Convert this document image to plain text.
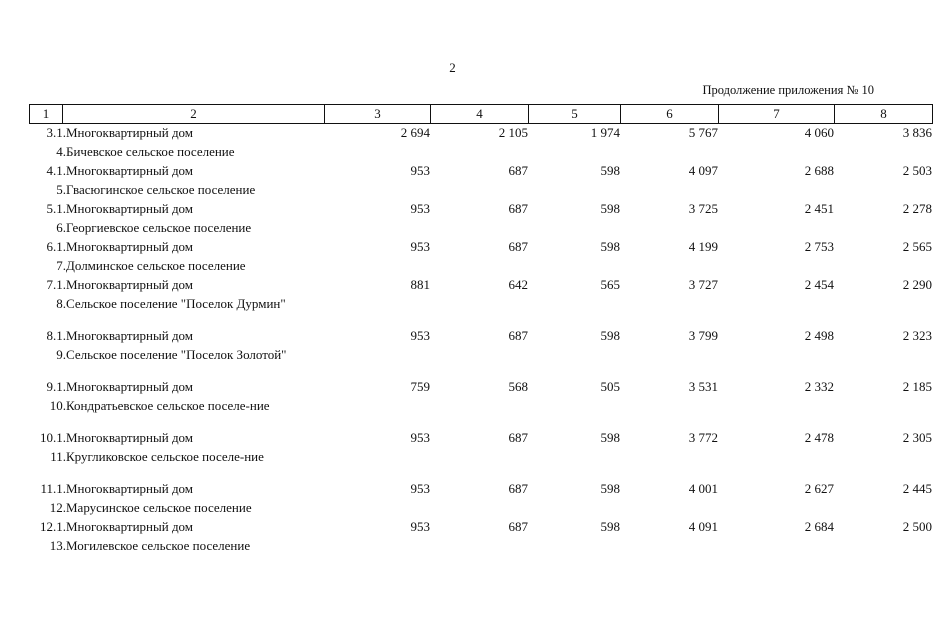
2
Продолжение приложения № 10
1	2	3	4	5	6	7	8
3.1.	Многоквартирный дом	2 694	2 105	1 974	5 767	4 060	3 836
4.	Бичевское сельское поселение						
4.1.	Многоквартирный дом	953	687	598	4 097	2 688	2 503
5.	Гвасюгинское сельское поселение						
5.1.	Многоквартирный дом	953	687	598	3 725	2 451	2 278
6.	Георгиевское сельское поселение						
6.1.	Многоквартирный дом	953	687	598	4 199	2 753	2 565
7.	Долминское сельское поселение						
7.1.	Многоквартирный дом	881	642	565	3 727	2 454	2 290
8.	Сельское поселение "Поселок Дурмин"						
8.1.	Многоквартирный дом	953	687	598	3 799	2 498	2 323
9.	Сельское поселение "Поселок Золотой"						
9.1.	Многоквартирный дом	759	568	505	3 531	2 332	2 185
10.	Кондратьевское сельское поселе-ние						
10.1.	Многоквартирный дом	953	687	598	3 772	2 478	2 305
11.	Кругликовское сельское поселе-ние						
11.1.	Многоквартирный дом	953	687	598	4 001	2 627	2 445
12.	Марусинское сельское поселение						
12.1.	Многоквартирный дом	953	687	598	4 091	2 684	2 500
13.	Могилевское сельское поселение						
